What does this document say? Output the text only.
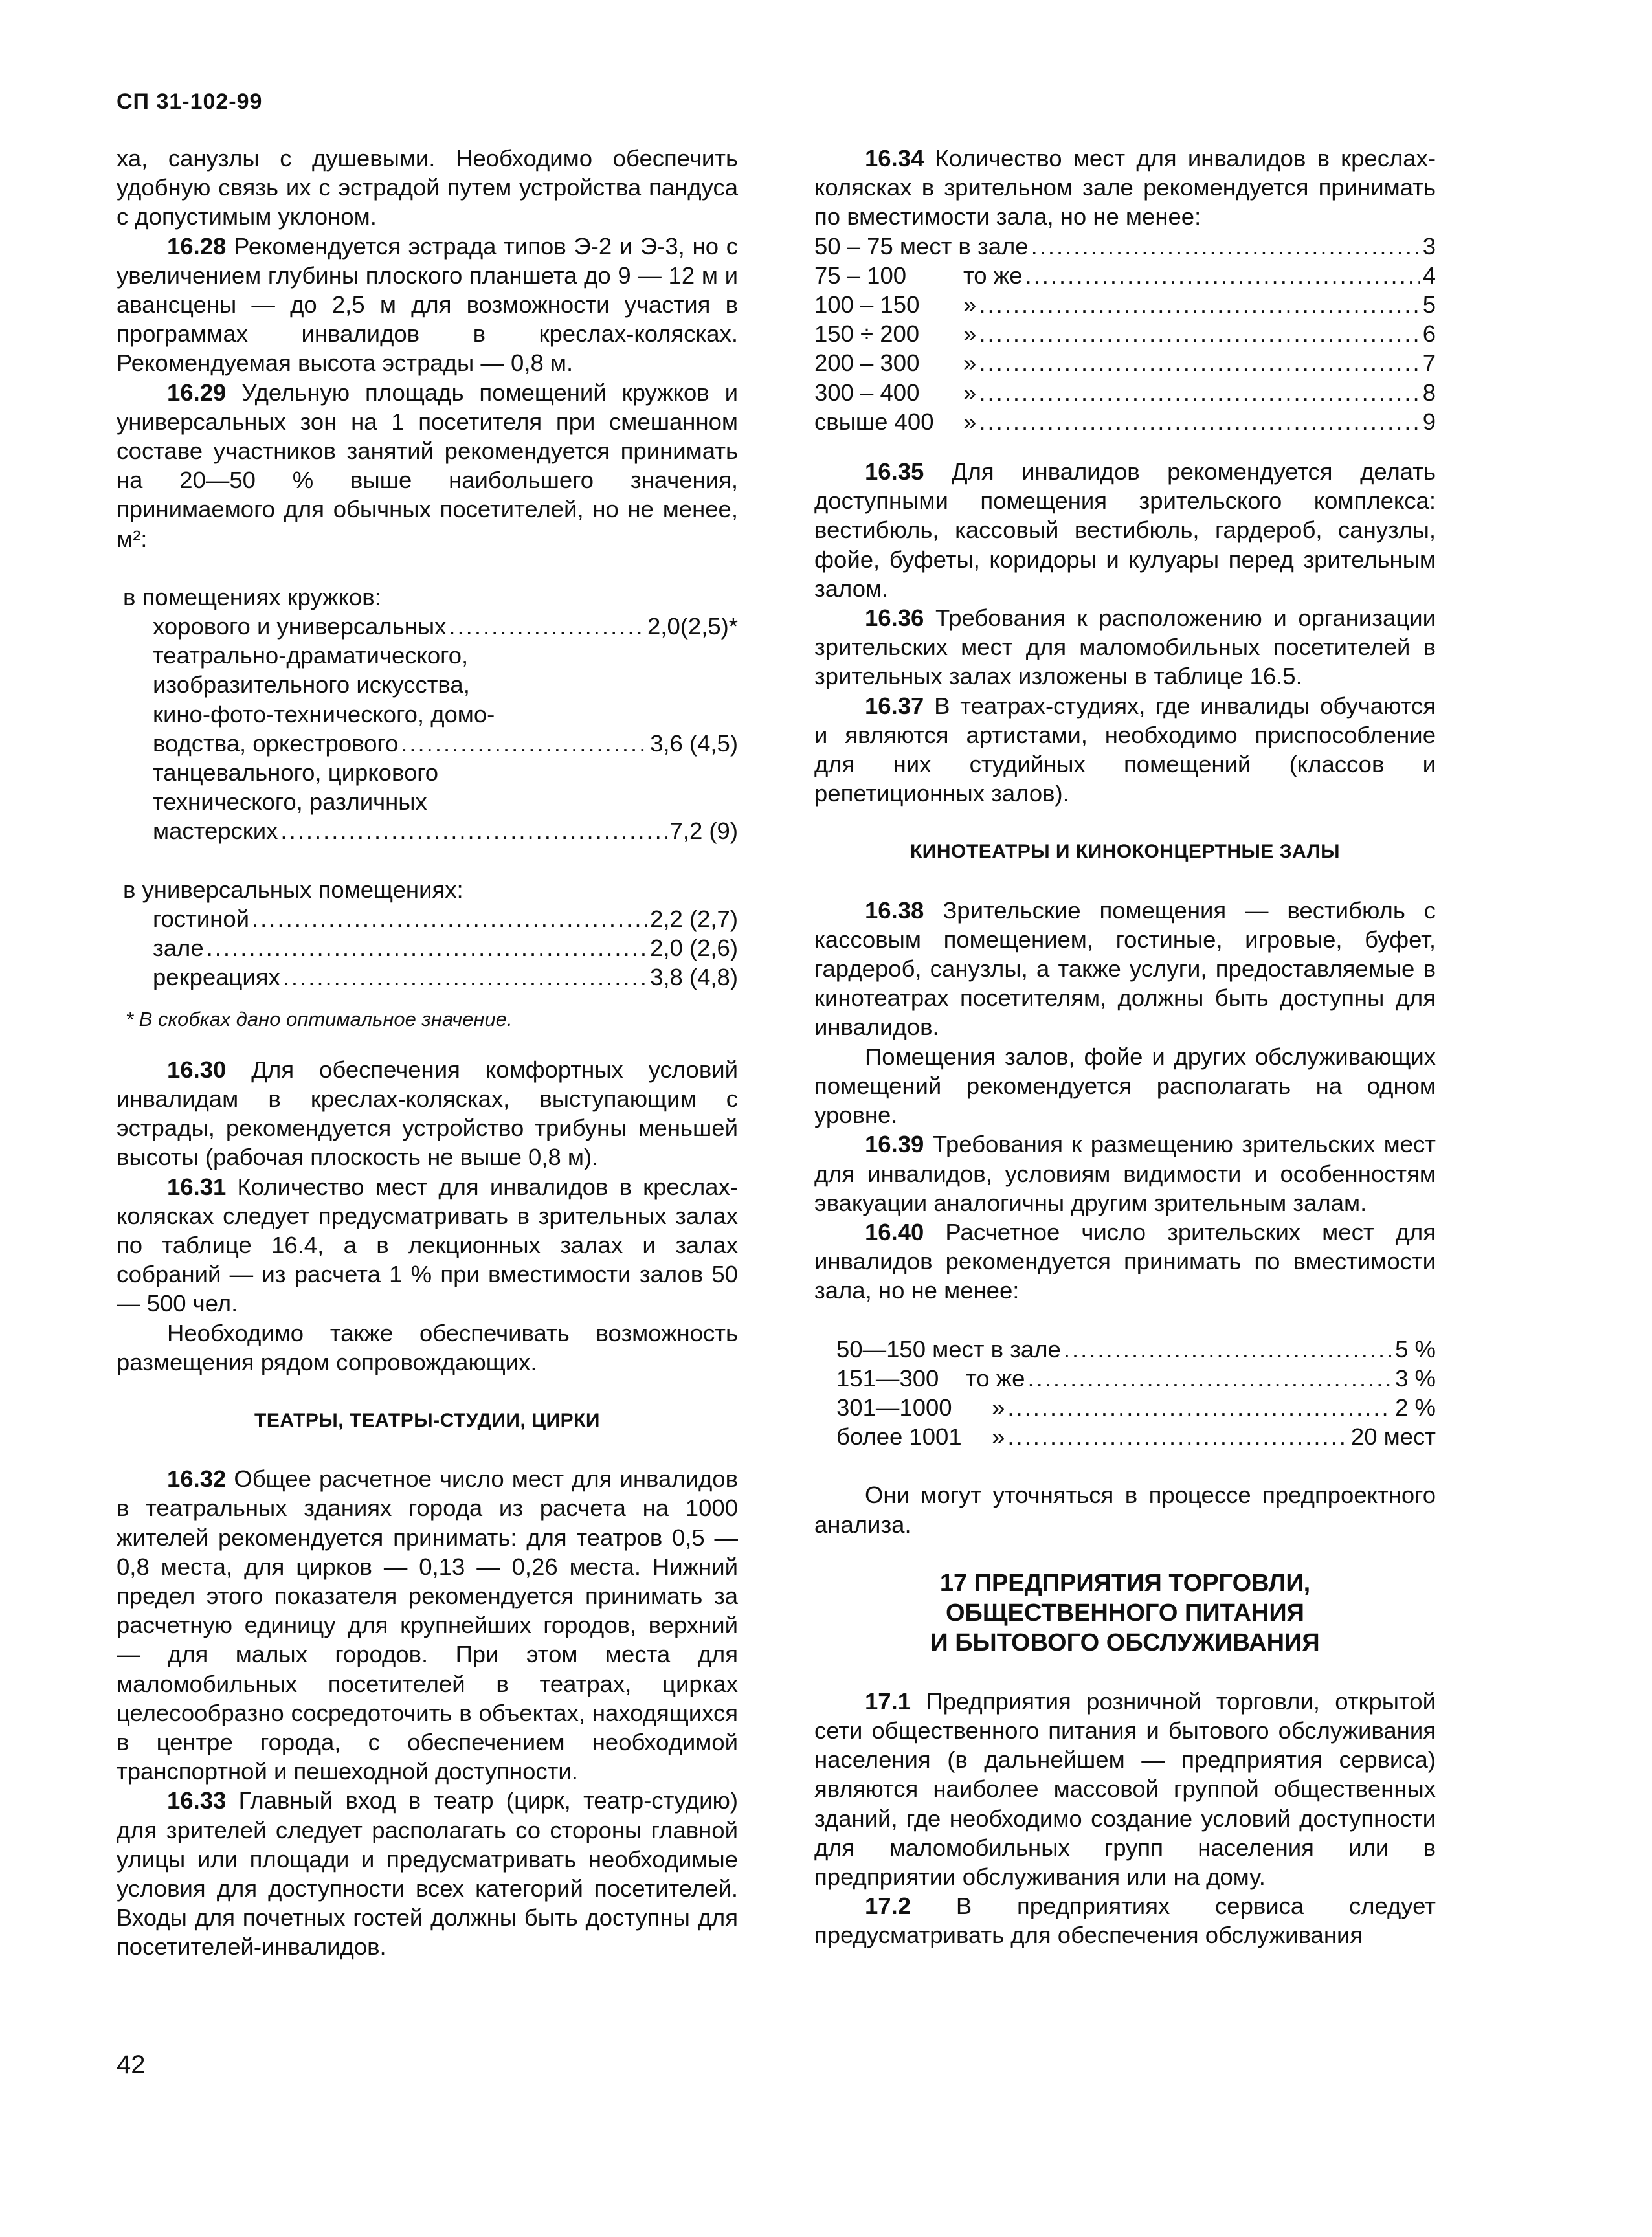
СП 31-102-99

ха, санузлы с душевыми. Необходимо обеспечить удобную связь их с эстрадой путем устройства пандуса с допустимым уклоном.

16.28 Рекомендуется эстрада типов Э-2 и Э-3, но с увеличением глубины плоского планшета до 9 — 12 м и авансцены — до 2,5 м для возможности участия в программах инвалидов в креслах-колясках. Рекомендуемая высота эстрады — 0,8 м.

16.29 Удельную площадь помещений кружков и универсальных зон на 1 посетителя при смешанном составе участников занятий рекомендуется принимать на 20—50 % выше наибольшего значения, принимаемого для обычных посетителей, но не менее, м²:

в помещениях кружков:
хорового и универсальных .....	2,0(2,5)*
театрально-драматического,
изобразительного искусства,
кино-фото-технического, домо-
водства, оркестрового .....	3,6 (4,5)
танцевального, циркового
технического, различных
мастерских .....	7,2 (9)
в универсальных помещениях:
гостиной .....	2,2 (2,7)
зале .....	2,0 (2,6)
рекреациях .....	3,8 (4,8)
* В скобках дано оптимальное значение.

16.30 Для обеспечения комфортных условий инвалидам в креслах-колясках, выступающим с эстрады, рекомендуется устройство трибуны меньшей высоты (рабочая плоскость не выше 0,8 м).

16.31 Количество мест для инвалидов в креслах-колясках следует предусматривать в зрительных залах по таблице 16.4, а в лекционных залах и залах собраний — из расчета 1 % при вместимости залов 50 — 500 чел.

Необходимо также обеспечивать возможность размещения рядом сопровождающих.

ТЕАТРЫ, ТЕАТРЫ-СТУДИИ, ЦИРКИ

16.32 Общее расчетное число мест для инвалидов в театральных зданиях города из расчета на 1000 жителей рекомендуется принимать: для театров 0,5 — 0,8 места, для цирков — 0,13 — 0,26 места. Нижний предел этого показателя рекомендуется принимать за расчетную единицу для крупнейших городов, верхний — для малых городов. При этом места для маломобильных посетителей в театрах, цирках целесообразно сосредоточить в объектах, находящихся в центре города, с обеспечением необходимой транспортной и пешеходной доступности.

16.33 Главный вход в театр (цирк, театр-студию) для зрителей следует располагать со стороны главной улицы или площади и предусматривать необходимые условия для доступности всех категорий посетителей. Входы для почетных гостей должны быть доступны для посетителей-инвалидов.

16.34 Количество мест для инвалидов в креслах-колясках в зрительном зале рекомендуется принимать по вместимости зала, но не менее:

50 – 75 мест в зале .....	3
75 – 100	то же .....	4
100 – 150	» .....	5
150 ÷ 200	» .....	6
200 – 300	» .....	7
300 – 400	» .....	8
свыше 400	» .....	9

16.35 Для инвалидов рекомендуется делать доступными помещения зрительского комплекса: вестибюль, кассовый вестибюль, гардероб, санузлы, фойе, буфеты, коридоры и кулуары перед зрительным залом.

16.36 Требования к расположению и организации зрительских мест для маломобильных посетителей в зрительных залах изложены в таблице 16.5.

16.37 В театрах-студиях, где инвалиды обучаются и являются артистами, необходимо приспособление для них студийных помещений (классов и репетиционных залов).

КИНОТЕАТРЫ И КИНОКОНЦЕРТНЫЕ ЗАЛЫ

16.38 Зрительские помещения — вестибюль с кассовым помещением, гостиные, игровые, буфет, гардероб, санузлы, а также услуги, предоставляемые в кинотеатрах посетителям, должны быть доступны для инвалидов.

Помещения залов, фойе и других обслуживающих помещений рекомендуется располагать на одном уровне.

16.39 Требования к размещению зрительских мест для инвалидов, условиям видимости и особенностям эвакуации аналогичны другим зрительным залам.

16.40 Расчетное число зрительских мест для инвалидов рекомендуется принимать по вместимости зала, но не менее:

50—150 мест в зале .....	5 %
151—300	то же .....	3 %
301—1000	» .....	2 %
более 1001	» .....	20 мест

Они могут уточняться в процессе предпроектного анализа.

17 ПРЕДПРИЯТИЯ ТОРГОВЛИ,
ОБЩЕСТВЕННОГО ПИТАНИЯ
И БЫТОВОГО ОБСЛУЖИВАНИЯ

17.1 Предприятия розничной торговли, открытой сети общественного питания и бытового обслуживания населения (в дальнейшем — предприятия сервиса) являются наиболее массовой группой общественных зданий, где необходимо создание условий доступности для маломобильных групп населения или в предприятии обслуживания или на дому.

17.2 В предприятиях сервиса следует предусматривать для обеспечения обслуживания

42
